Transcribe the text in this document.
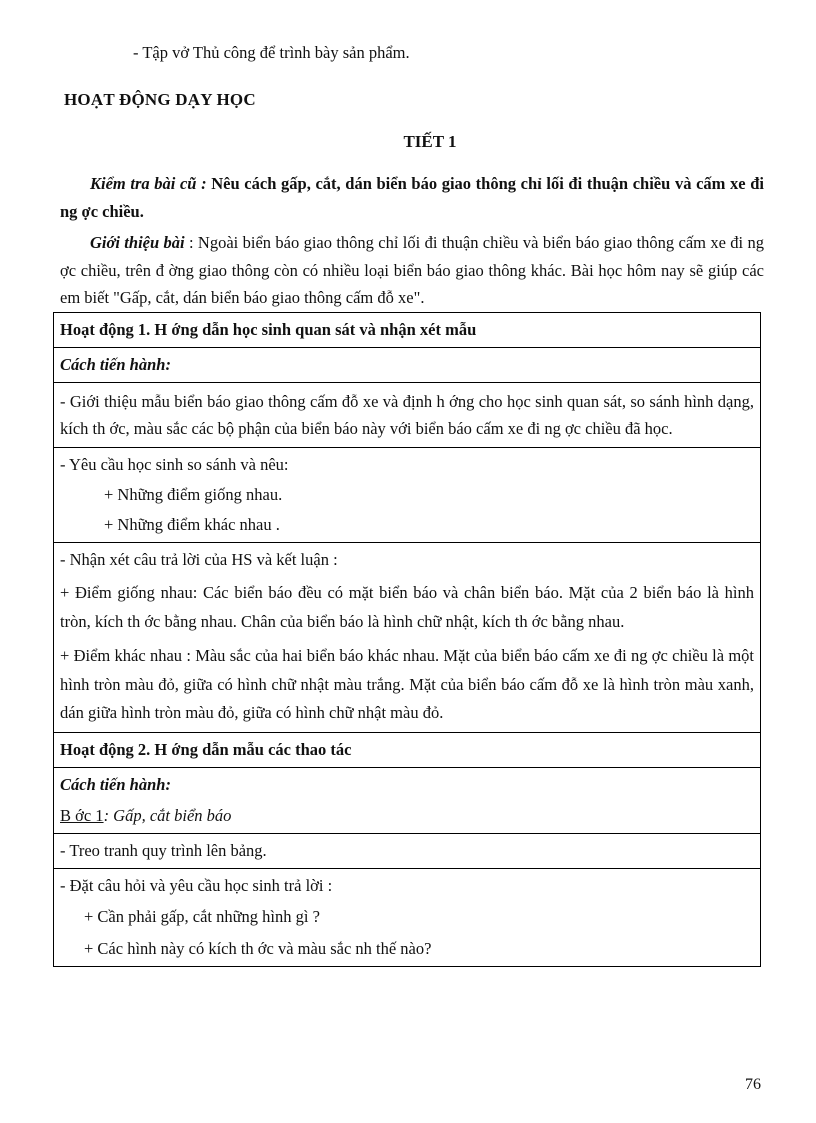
- Tập vở Thủ công để trình bày sản phẩm.
HOẠT ĐỘNG DẠY HỌC
TIẾT 1
Kiểm tra bài cũ : Nêu cách gấp, cắt, dán biển báo giao thông chỉ lối đi thuận chiều và cấm xe đi ng ợc chiều.
Giới thiệu bài : Ngoài biển báo giao thông chỉ lối đi thuận chiều và biển báo giao thông cấm xe đi ng ợc chiều, trên đ ờng giao thông còn có nhiều loại biển báo giao thông khác. Bài học hôm nay sẽ giúp các em biết "Gấp, cắt, dán biển báo giao thông cấm đỗ xe".
Hoạt động 1. H ớng dẫn học sinh quan sát và nhận xét mẫu
Cách tiến hành:
- Giới thiệu mẫu biển báo giao thông cấm đỗ xe và định h ớng cho học sinh quan sát, so sánh hình dạng, kích th ớc, màu sắc các bộ phận của biển báo này với biển báo cấm xe đi ng ợc chiều đã học.

- Yêu cầu học sinh so sánh và nêu:
+ Những điểm giống nhau.
+ Những điểm khác nhau .

- Nhận xét câu trả lời của HS và kết luận :
+ Điểm giống nhau: Các biển báo đều có mặt biển báo và chân biển báo. Mặt của 2 biển báo là hình tròn, kích th ớc bằng nhau. Chân của biển báo là hình chữ nhật, kích th ớc bằng nhau.
+ Điểm khác nhau : Màu sắc của hai biển báo khác nhau. Mặt của biển báo cấm xe đi ng ợc chiều là một hình tròn màu đỏ, giữa có hình chữ nhật màu trắng. Mặt của biển báo cấm đỗ xe là hình tròn màu xanh, dán giữa hình tròn màu đỏ, giữa có hình chữ nhật màu đỏ.

Hoạt động 2. H ớng dẫn mẫu các thao tác

Cách tiến hành:
B ớc 1: Gấp, cắt biển báo

- Treo tranh quy trình lên bảng.

- Đặt câu hỏi và yêu cầu học sinh trả lời :
+ Cần phải gấp, cắt những hình gì ?
+ Các hình này có kích th ớc và màu sắc nh thế nào?
76
